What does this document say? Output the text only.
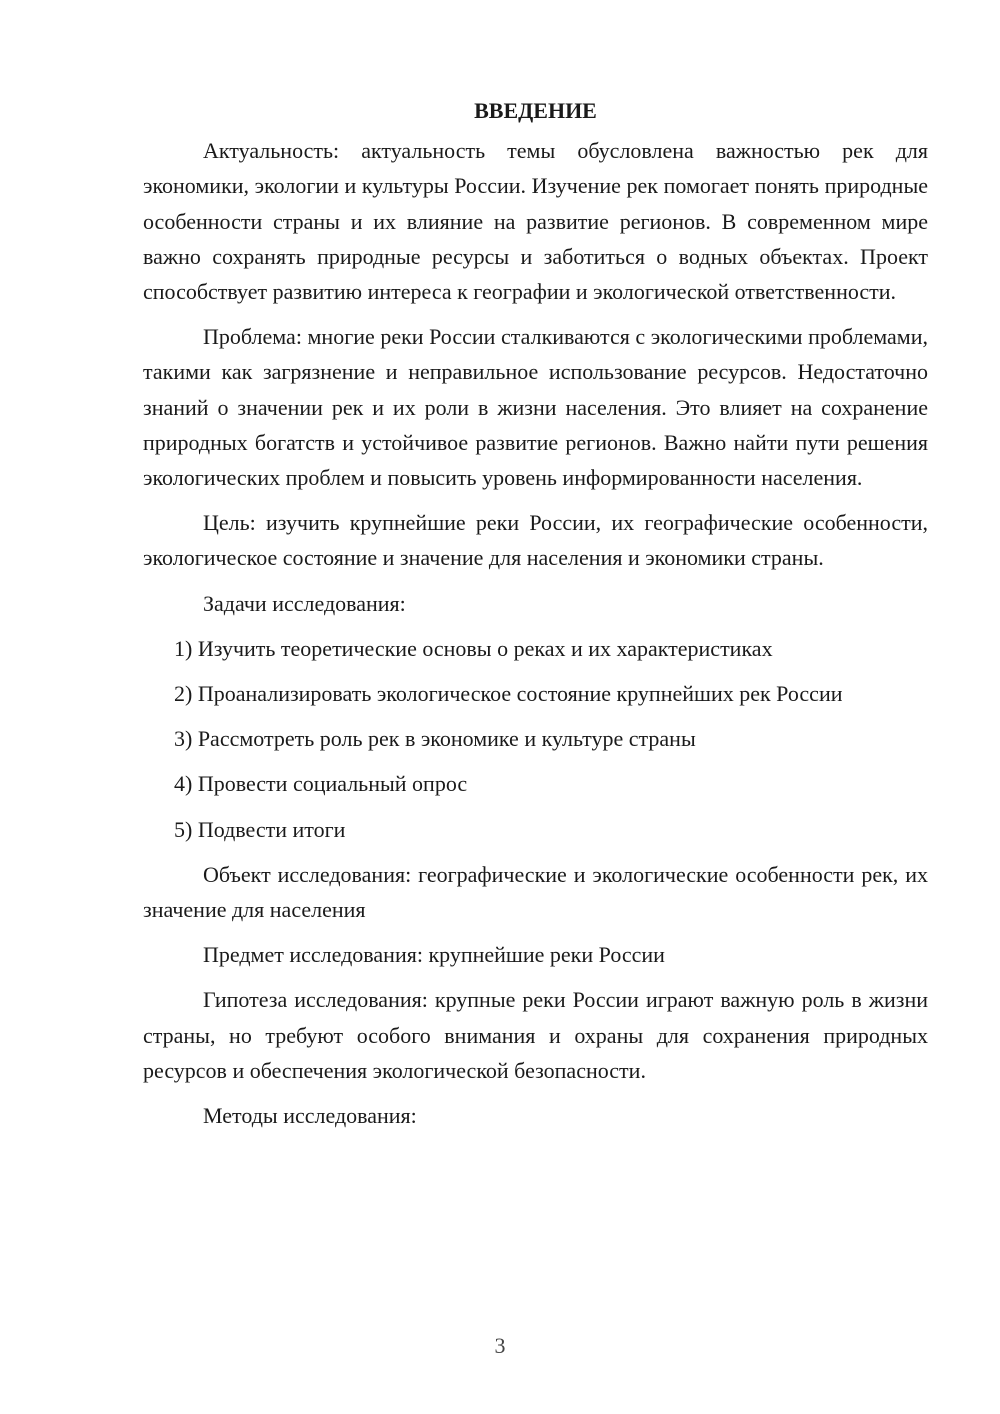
ВВЕДЕНИЕ

Актуальность: актуальность темы обусловлена важностью рек для экономики, экологии и культуры России. Изучение рек помогает понять природные особенности страны и их влияние на развитие регионов. В современном мире важно сохранять природные ресурсы и заботиться о водных объектах. Проект способствует развитию интереса к географии и экологической ответственности.

Проблема: многие реки России сталкиваются с экологическими проблемами, такими как загрязнение и неправильное использование ресурсов. Недостаточно знаний о значении рек и их роли в жизни населения. Это влияет на сохранение природных богатств и устойчивое развитие регионов. Важно найти пути решения экологических проблем и повысить уровень информированности населения.

Цель: изучить крупнейшие реки России, их географические особенности, экологическое состояние и значение для населения и экономики страны.

Задачи исследования:

1) Изучить теоретические основы о реках и их характеристиках

2) Проанализировать экологическое состояние крупнейших рек России

3) Рассмотреть роль рек в экономике и культуре страны

4) Провести социальный опрос

5) Подвести итоги

Объект исследования: географические и экологические особенности рек, их значение для населения

Предмет исследования: крупнейшие реки России

Гипотеза исследования: крупные реки России играют важную роль в жизни страны, но требуют особого внимания и охраны для сохранения природных ресурсов и обеспечения экологической безопасности.

Методы исследования:

3
